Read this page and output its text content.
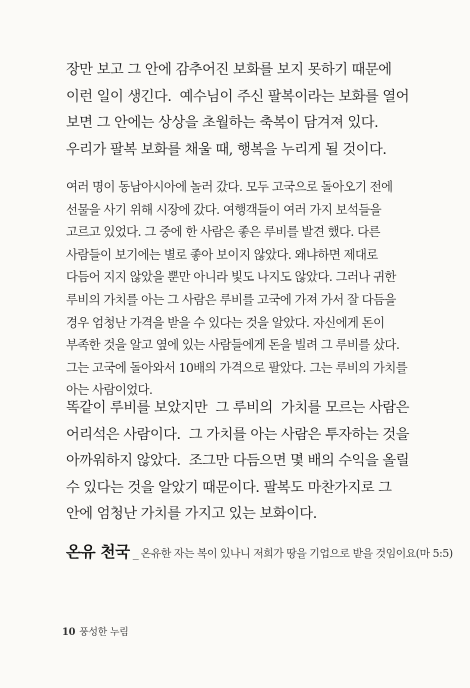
장만 보고 그 안에 감추어진 보화를 보지 못하기 때문에 이런 일이 생긴다.  예수님이 주신 팔복이라는 보화를 열어 보면 그 안에는 상상을 초월하는 축복이 담겨져 있다. 우리가 팔복 보화를 채울 때, 행복을 누리게 될 것이다.

여러 명이 동남아시아에 놀러 갔다. 모두 고국으로 돌아오기 전에 선물을 사기 위해 시장에 갔다. 여행객들이 여러 가지 보석들을 고르고 있었다. 그 중에 한 사람은 좋은 루비를 발견 했다. 다른 사람들이 보기에는 별로 좋아 보이지 않았다. 왜냐하면 제대로 다듬어 지지 않았을 뿐만 아니라 빛도 나지도 않았다. 그러나 귀한 루비의 가치를 아는 그 사람은 루비를 고국에 가져 가서 잘 다듬을 경우 엄청난 가격을 받을 수 있다는 것을 알았다. 자신에게 돈이 부족한 것을 알고 옆에 있는 사람들에게 돈을 빌려 그 루비를 샀다.  그는 고국에 돌아와서 10배의 가격으로 팔았다. 그는 루비의 가치를 아는 사람이었다.

똑같이 루비를 보았지만  그 루비의  가치를 모르는 사람은 어리석은 사람이다.  그 가치를 아는 사람은 투자하는 것을 아까워하지 않았다.  조그만 다듬으면 몇 배의 수익을 올릴 수 있다는 것을 알았기 때문이다. 팔복도 마찬가지로 그 안에 엄청난 가치를 가지고 있는 보화이다.

온유 천국 _ 온유한 자는 복이 있나니 저희가 땅을 기업으로 받을 것임이요(마 5:5)
10 풍성한 누림
